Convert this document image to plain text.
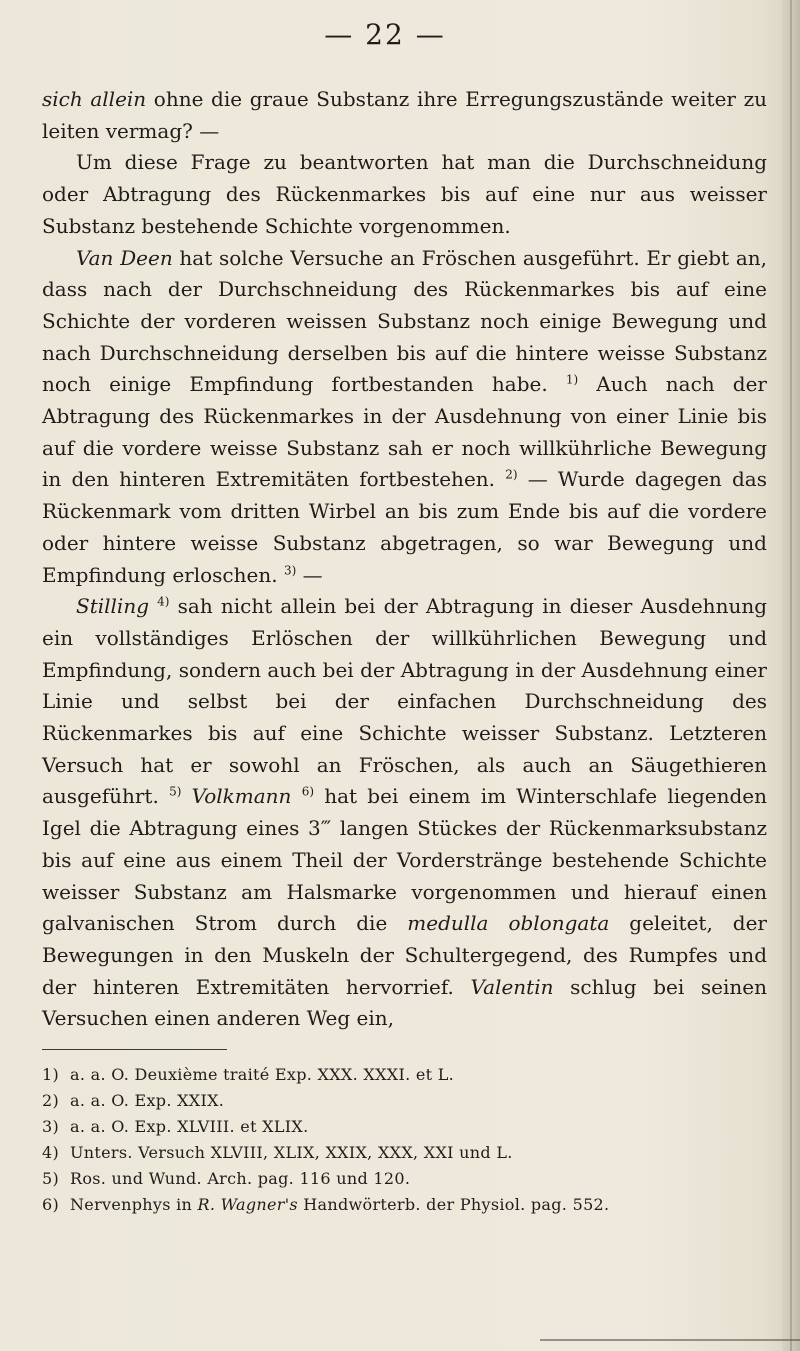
— 22 —

sich allein ohne die graue Substanz ihre Erregungszustände weiter zu leiten vermag? —

Um diese Frage zu beantworten hat man die Durchschneidung oder Abtragung des Rückenmarkes bis auf eine nur aus weisser Substanz bestehende Schichte vorgenommen.

Van Deen hat solche Versuche an Fröschen ausgeführt. Er giebt an, dass nach der Durchschneidung des Rückenmarkes bis auf eine Schichte der vorderen weissen Substanz noch einige Bewegung und nach Durchschneidung derselben bis auf die hintere weisse Substanz noch einige Empfindung fortbestanden habe. $^{1)}$ Auch nach der Abtragung des Rückenmarkes in der Ausdehnung von einer Linie bis auf die vordere weisse Substanz sah er noch willkührliche Bewegung in den hinteren Extremitäten fortbestehen. $^{2)}$ — Wurde dagegen das Rückenmark vom dritten Wirbel an bis zum Ende bis auf die vordere oder hintere weisse Substanz abgetragen, so war Bewegung und Empfindung erloschen. $^{3)}$ —

Stilling $^{4)}$ sah nicht allein bei der Abtragung in dieser Ausdehnung ein vollständiges Erlöschen der willkührlichen Bewegung und Empfindung, sondern auch bei der Abtragung in der Ausdehnung einer Linie und selbst bei der einfachen Durchschneidung des Rückenmarkes bis auf eine Schichte weisser Substanz. Letzteren Versuch hat er sowohl an Fröschen, als auch an Säugethieren ausgeführt. $^{5)}$ Volkmann $^{6)}$ hat bei einem im Winterschlafe liegenden Igel die Abtragung eines 3‴ langen Stückes der Rückenmarksubstanz bis auf eine aus einem Theil der Vorderstränge bestehende Schichte weisser Substanz am Halsmarke vorgenommen und hierauf einen galvanischen Strom durch die medulla oblongata geleitet, der Bewegungen in den Muskeln der Schultergegend, des Rumpfes und der hinteren Extremitäten hervorrief. Valentin schlug bei seinen Versuchen einen anderen Weg ein,

1) a. a. O. Deuxième traité Exp. XXX. XXXI. et L.

2) a. a. O. Exp. XXIX.

3) a. a. O. Exp. XLVIII. et XLIX.

4) Unters. Versuch XLVIII, XLIX, XXIX, XXX, XXI und L.

5) Ros. und Wund. Arch. pag. 116 und 120.

6) Nervenphys in R. Wagner's Handwörterb. der Physiol. pag. 552.
